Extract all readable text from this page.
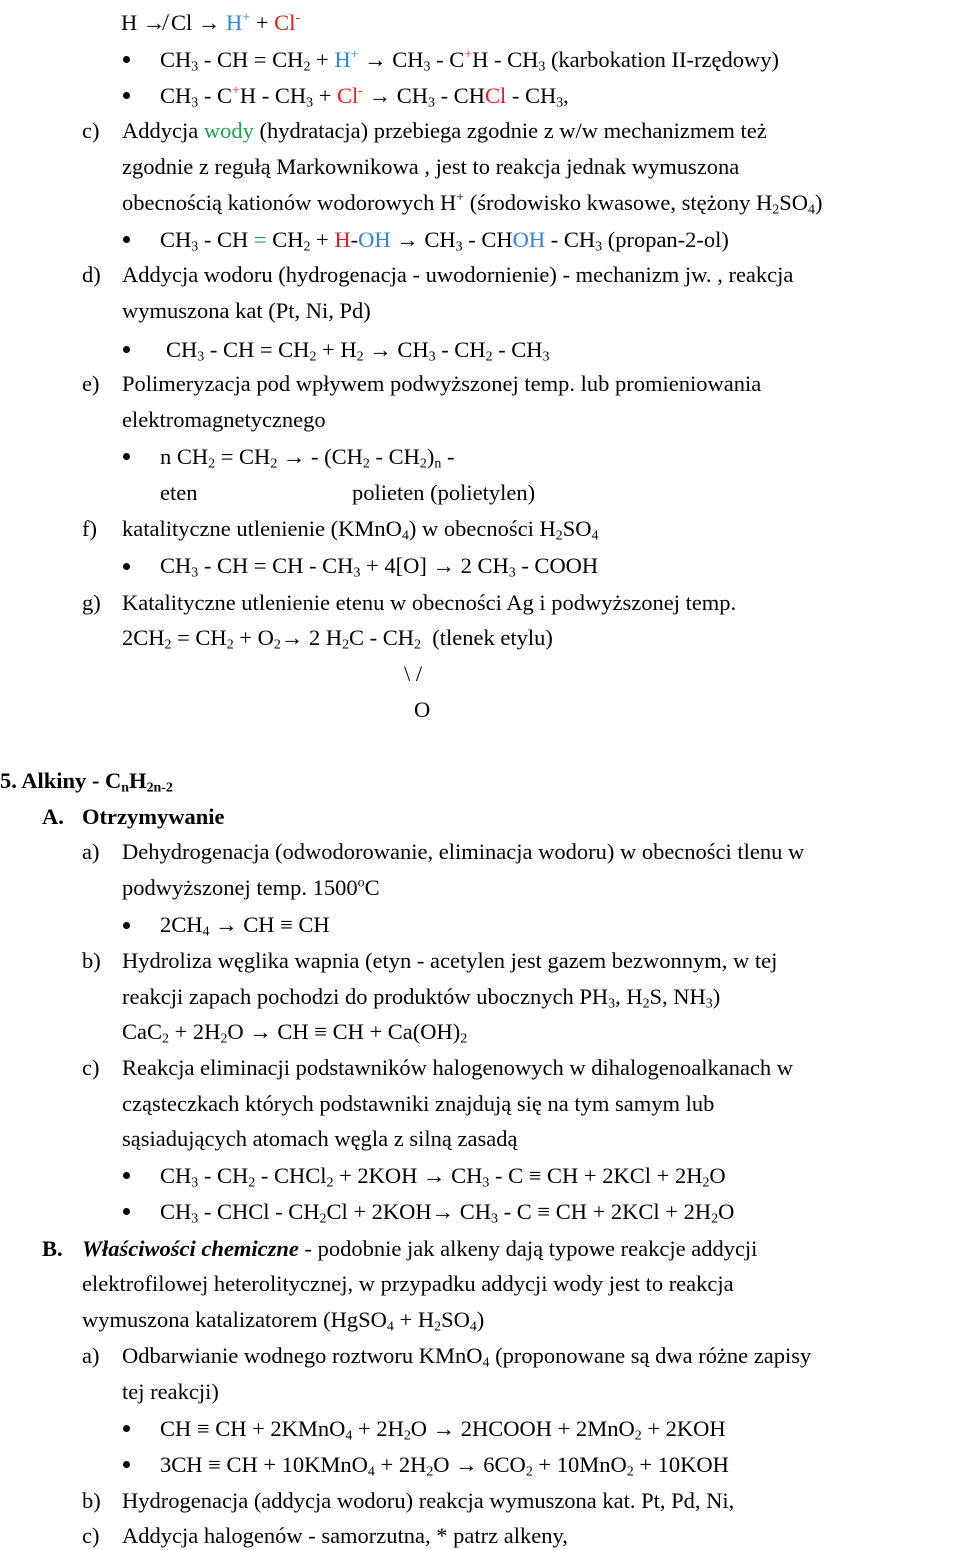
H ↛ Cl → H+ + Cl-
$CH_3$ - CH = $CH_2 + H^+ \to CH_3 - C^+H - CH_3$ (karbokation II-rzędowy)
$CH_3 - C^+H - CH_3 + Cl^- \to CH_3$ - CHCl - $CH_3$,
c) Addycja wody (hydratacja) przebiega zgodnie z w/w mechanizmem też
zgodnie z regułą Markownikowa , jest to reakcja jednak wymuszona
obecnością kationów wodorowych H+ (środowisko kwasowe, stężony $H_2SO_4$)
$CH_3$ - CH = $CH_2 + H-OH \to CH_3$ - CHOH - $CH_3$ (propan-2-ol)
d) Addycja wodoru (hydrogenacja - uwodornienie) - mechanizm jw. , reakcja
wymuszona kat (Pt, Ni, Pd)
$CH_3$ - CH = $CH_2 + H_2 \to CH_3 - CH_2 - CH_3$
e) Polimeryzacja pod wpływem podwyższonej temp. lub promieniowania
elektromagnetycznego
n $CH_2 = CH_2$ → - $(CH_2 - CH_2)_n$ -
eten	polieten (polietylen)
f) katalityczne utlenienie (KMnO$_4$) w obecności $H_2SO_4$
$CH_3$ - CH = CH - $CH_3 + 4[O] \to 2$ $CH_3$ - COOH
g) Katalityczne utlenienie etenu w obecności Ag i podwyższonej temp.
$2CH_2 = CH_2 + O_2\to 2$ $H_2C - CH_2$  (tlenek etylu)
\ /
O
5. Alkiny - $C_nH_{2n-2}$
A. Otrzymywanie
a) Dehydrogenacja (odwodorowanie, eliminacja wodoru) w obecności tlenu w
podwyższonej temp. 1500$^o$C
$2CH_4$ → CH ≡ CH
b) Hydroliza węglika wapnia (etyn - acetylen jest gazem bezwonnym, w tej
reakcji zapach pochodzi do produktów ubocznych $PH_3$, $H_2S$, $NH_3$)
$CaC_2 + 2H_2O$ → CH ≡ CH + $Ca(OH)_2$
c) Reakcja eliminacji podstawników halogenowych w dihalogenoalkanach w
cząsteczkach których podstawniki znajdują się na tym samym lub
sąsiadujących atomach węgla z silną zasadą
$CH_3 - CH_2$ - CHCl$_2$ + $2KOH \to CH_3 - C$ ≡ CH + $2KCl + 2H_2O$
$CH_3$ - CHCl - $CH_2Cl + 2KOH\to CH_3 - C$ ≡ CH + $2KCl + 2H_2O$
B. Właściwości chemiczne - podobnie jak alkeny dają typowe reakcje addycji
elektrofilowej heterolitycznej, w przypadku addycji wody jest to reakcja
wymuszona katalizatorem (HgSO$_4$ + $H_2SO_4$)
a) Odbarwianie wodnego roztworu KMnO$_4$ (proponowane są dwa różne zapisy
tej reakcji)
CH ≡ CH + 2KMnO$_4$ + $2H_2O$ → 2HCOOH + 2MnO$_2$ + 2KOH
3CH ≡ CH + 10KMnO$_4$ + $2H_2O \to 6CO_2 + 10MnO_2 + 10KOH$
b) Hydrogenacja (addycja wodoru) reakcja wymuszona kat. Pt, Pd, Ni,
c) Addycja halogenów - samorzutna, * patrz alkeny,
